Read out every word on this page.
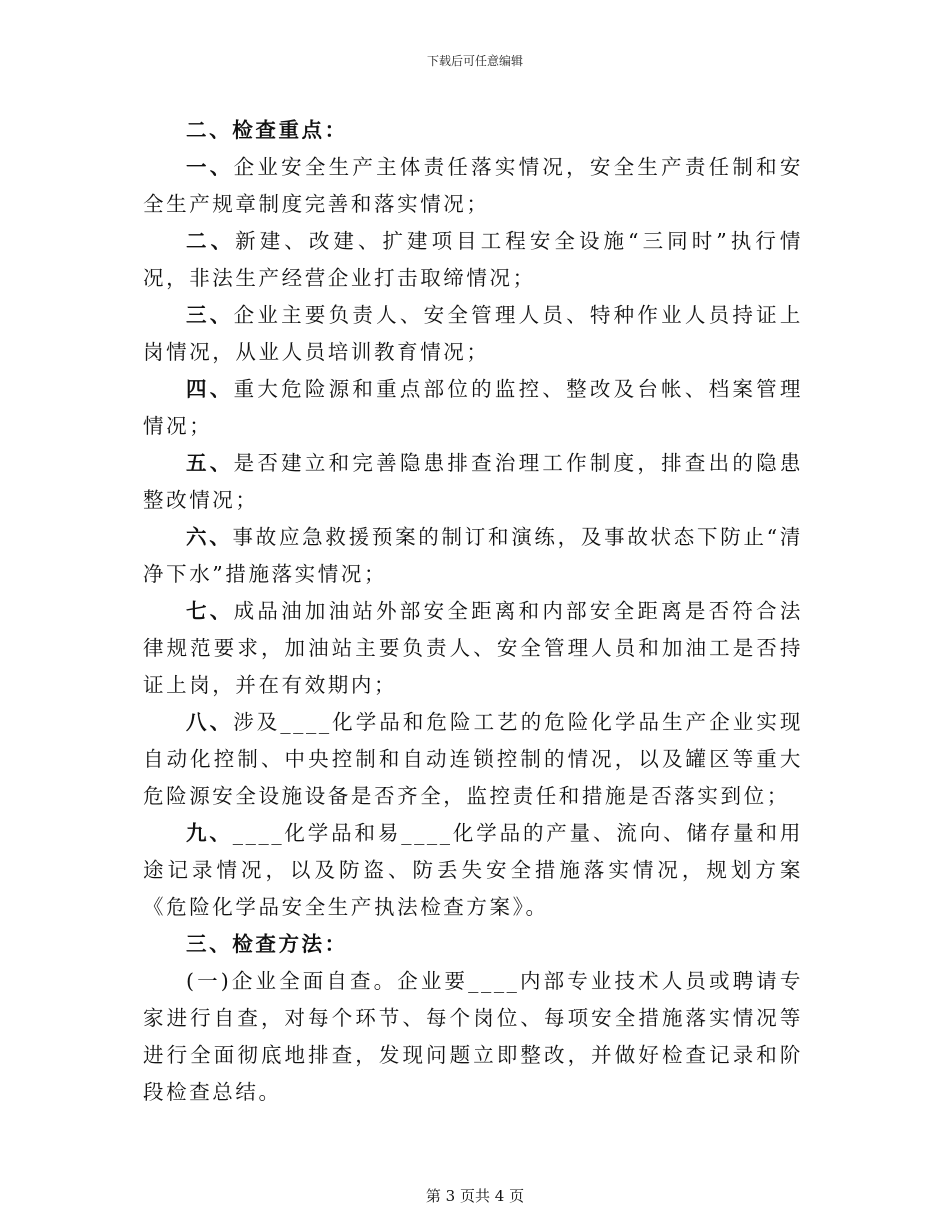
下载后可任意编辑

二、检查重点：

一、企业安全生产主体责任落实情况，安全生产责任制和安全生产规章制度完善和落实情况；

二、新建、改建、扩建项目工程安全设施“三同时”执行情况，非法生产经营企业打击取缔情况；

三、企业主要负责人、安全管理人员、特种作业人员持证上岗情况，从业人员培训教育情况；

四、重大危险源和重点部位的监控、整改及台帐、档案管理情况；

五、是否建立和完善隐患排查治理工作制度，排查出的隐患整改情况；

六、事故应急救援预案的制订和演练，及事故状态下防止“清净下水”措施落实情况；

七、成品油加油站外部安全距离和内部安全距离是否符合法律规范要求，加油站主要负责人、安全管理人员和加油工是否持证上岗，并在有效期内；

八、涉及____化学品和危险工艺的危险化学品生产企业实现自动化控制、中央控制和自动连锁控制的情况，以及罐区等重大危险源安全设施设备是否齐全，监控责任和措施是否落实到位；

九、____化学品和易____化学品的产量、流向、储存量和用途记录情况，以及防盗、防丢失安全措施落实情况，规划方案《危险化学品安全生产执法检查方案》。

三、检查方法：

(一)企业全面自查。企业要____内部专业技术人员或聘请专家进行自查，对每个环节、每个岗位、每项安全措施落实情况等进行全面彻底地排查，发现问题立即整改，并做好检查记录和阶段检查总结。

第 3 页共 4 页
